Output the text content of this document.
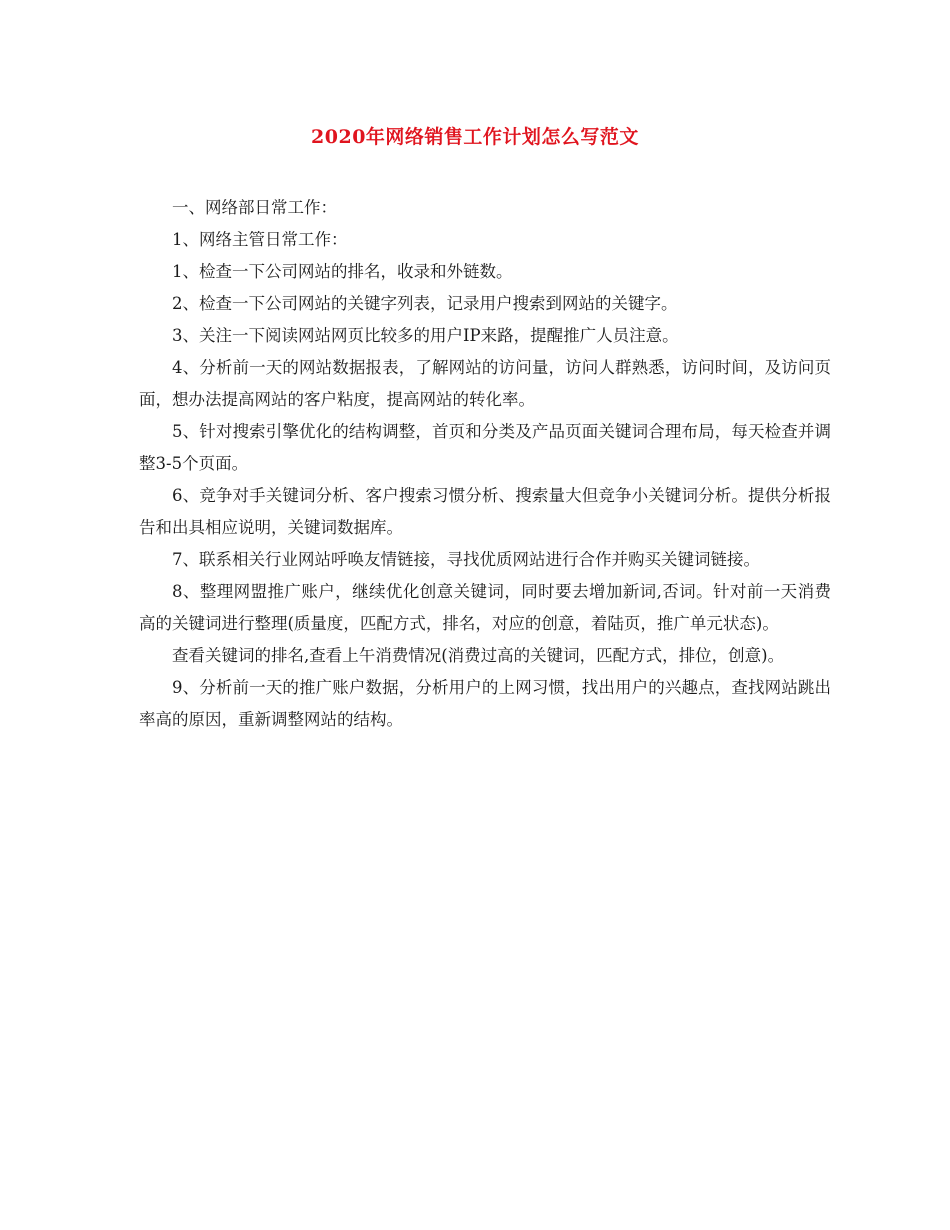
2020年网络销售工作计划怎么写范文

一、网络部日常工作：

1、网络主管日常工作：

1、检查一下公司网站的排名，收录和外链数。

2、检查一下公司网站的关键字列表，记录用户搜索到网站的关键字。

3、关注一下阅读网站网页比较多的用户IP来路，提醒推广人员注意。

4、分析前一天的网站数据报表，了解网站的访问量，访问人群熟悉，访问时间，及访问页面，想办法提高网站的客户粘度，提高网站的转化率。

5、针对搜索引擎优化的结构调整，首页和分类及产品页面关键词合理布局，每天检查并调整3-5个页面。

6、竞争对手关键词分析、客户搜索习惯分析、搜索量大但竞争小关键词分析。提供分析报告和出具相应说明，关键词数据库。

7、联系相关行业网站呼唤友情链接，寻找优质网站进行合作并购买关键词链接。

8、整理网盟推广账户，继续优化创意关键词，同时要去增加新词,否词。针对前一天消费高的关键词进行整理(质量度，匹配方式，排名，对应的创意，着陆页，推广单元状态)。

查看关键词的排名,查看上午消费情况(消费过高的关键词，匹配方式，排位，创意)。

9、分析前一天的推广账户数据，分析用户的上网习惯，找出用户的兴趣点，查找网站跳出率高的原因，重新调整网站的结构。
